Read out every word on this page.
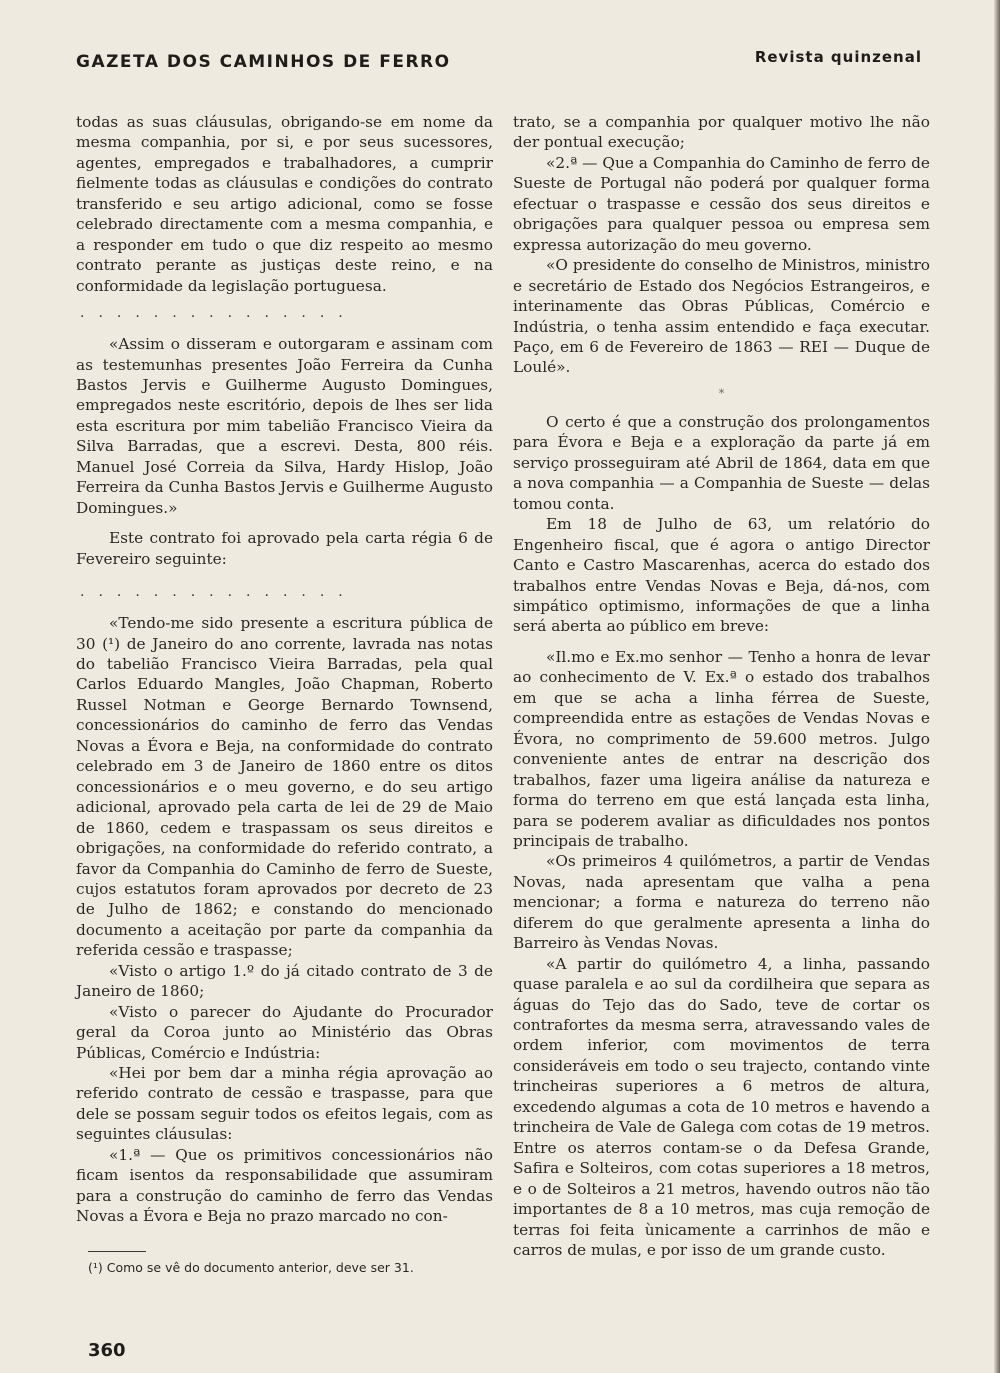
GAZETA DOS CAMINHOS DE FERRO	Revista quinzenal

todas as suas cláusulas, obrigando-se em nome da mesma companhia, por si, e por seus sucessores, agentes, empregados e trabalhadores, a cumprir fielmente todas as cláusulas e condições do contrato transferido e seu artigo adicional, como se fosse celebrado directamente com a mesma companhia, e a responder em tudo o que diz respeito ao mesmo contrato perante as justiças deste reino, e na conformidade da legislação portuguesa.

...............

«Assim o disseram e outorgaram e assinam com as testemunhas presentes João Ferreira da Cunha Bastos Jervis e Guilherme Augusto Domingues, empregados neste escritório, depois de lhes ser lida esta escritura por mim tabelião Francisco Vieira da Silva Barradas, que a escrevi. Desta, 800 réis. Manuel José Correia da Silva, Hardy Hislop, João Ferreira da Cunha Bastos Jervis e Guilherme Augusto Domingues.»

Este contrato foi aprovado pela carta régia 6 de Fevereiro seguinte:

...............

«Tendo-me sido presente a escritura pública de 30 (¹) de Janeiro do ano corrente, lavrada nas notas do tabelião Francisco Vieira Barradas, pela qual Carlos Eduardo Mangles, João Chapman, Roberto Russel Notman e George Bernardo Townsend, concessionários do caminho de ferro das Vendas Novas a Évora e Beja, na conformidade do contrato celebrado em 3 de Janeiro de 1860 entre os ditos concessionários e o meu governo, e do seu artigo adicional, aprovado pela carta de lei de 29 de Maio de 1860, cedem e traspassam os seus direitos e obrigações, na conformidade do referido contrato, a favor da Companhia do Caminho de ferro de Sueste, cujos estatutos foram aprovados por decreto de 23 de Julho de 1862; e constando do mencionado documento a aceitação por parte da companhia da referida cessão e traspasse;

«Visto o artigo 1.º do já citado contrato de 3 de Janeiro de 1860;

«Visto o parecer do Ajudante do Procurador geral da Coroa junto ao Ministério das Obras Públicas, Comércio e Indústria:

«Hei por bem dar a minha régia aprovação ao referido contrato de cessão e traspasse, para que dele se possam seguir todos os efeitos legais, com as seguintes cláusulas:

«1.ª — Que os primitivos concessionários não ficam isentos da responsabilidade que assumiram para a construção do caminho de ferro das Vendas Novas a Évora e Beja no prazo marcado no con-

(¹) Como se vê do documento anterior, deve ser 31.

trato, se a companhia por qualquer motivo lhe não der pontual execução;

«2.ª — Que a Companhia do Caminho de ferro de Sueste de Portugal não poderá por qualquer forma efectuar o traspasse e cessão dos seus direitos e obrigações para qualquer pessoa ou empresa sem expressa autorização do meu governo.

«O presidente do conselho de Ministros, ministro e secretário de Estado dos Negócios Estrangeiros, e interinamente das Obras Públicas, Comércio e Indústria, o tenha assim entendido e faça executar. Paço, em 6 de Fevereiro de 1863 — REI — Duque de Loulé».

*

O certo é que a construção dos prolongamentos para Évora e Beja e a exploração da parte já em serviço prosseguiram até Abril de 1864, data em que a nova companhia — a Companhia de Sueste — delas tomou conta.

Em 18 de Julho de 63, um relatório do Engenheiro fiscal, que é agora o antigo Director Canto e Castro Mascarenhas, acerca do estado dos trabalhos entre Vendas Novas e Beja, dá-nos, com simpático optimismo, informações de que a linha será aberta ao público em breve:

«Il.mo e Ex.mo senhor — Tenho a honra de levar ao conhecimento de V. Ex.ª o estado dos trabalhos em que se acha a linha férrea de Sueste, compreendida entre as estações de Vendas Novas e Évora, no comprimento de 59.600 metros. Julgo conveniente antes de entrar na descrição dos trabalhos, fazer uma ligeira análise da natureza e forma do terreno em que está lançada esta linha, para se poderem avaliar as dificuldades nos pontos principais de trabalho.

«Os primeiros 4 quilómetros, a partir de Vendas Novas, nada apresentam que valha a pena mencionar; a forma e natureza do terreno não diferem do que geralmente apresenta a linha do Barreiro às Vendas Novas.

«A partir do quilómetro 4, a linha, passando quase paralela e ao sul da cordilheira que separa as águas do Tejo das do Sado, teve de cortar os contrafortes da mesma serra, atravessando vales de ordem inferior, com movimentos de terra consideráveis em todo o seu trajecto, contando vinte trincheiras superiores a 6 metros de altura, excedendo algumas a cota de 10 metros e havendo a trincheira de Vale de Galega com cotas de 19 metros. Entre os aterros contam-se o da Defesa Grande, Safira e Solteiros, com cotas superiores a 18 metros, e o de Solteiros a 21 metros, havendo outros não tão importantes de 8 a 10 metros, mas cuja remoção de terras foi feita ùnicamente a carrinhos de mão e carros de mulas, e por isso de um grande custo.

360
